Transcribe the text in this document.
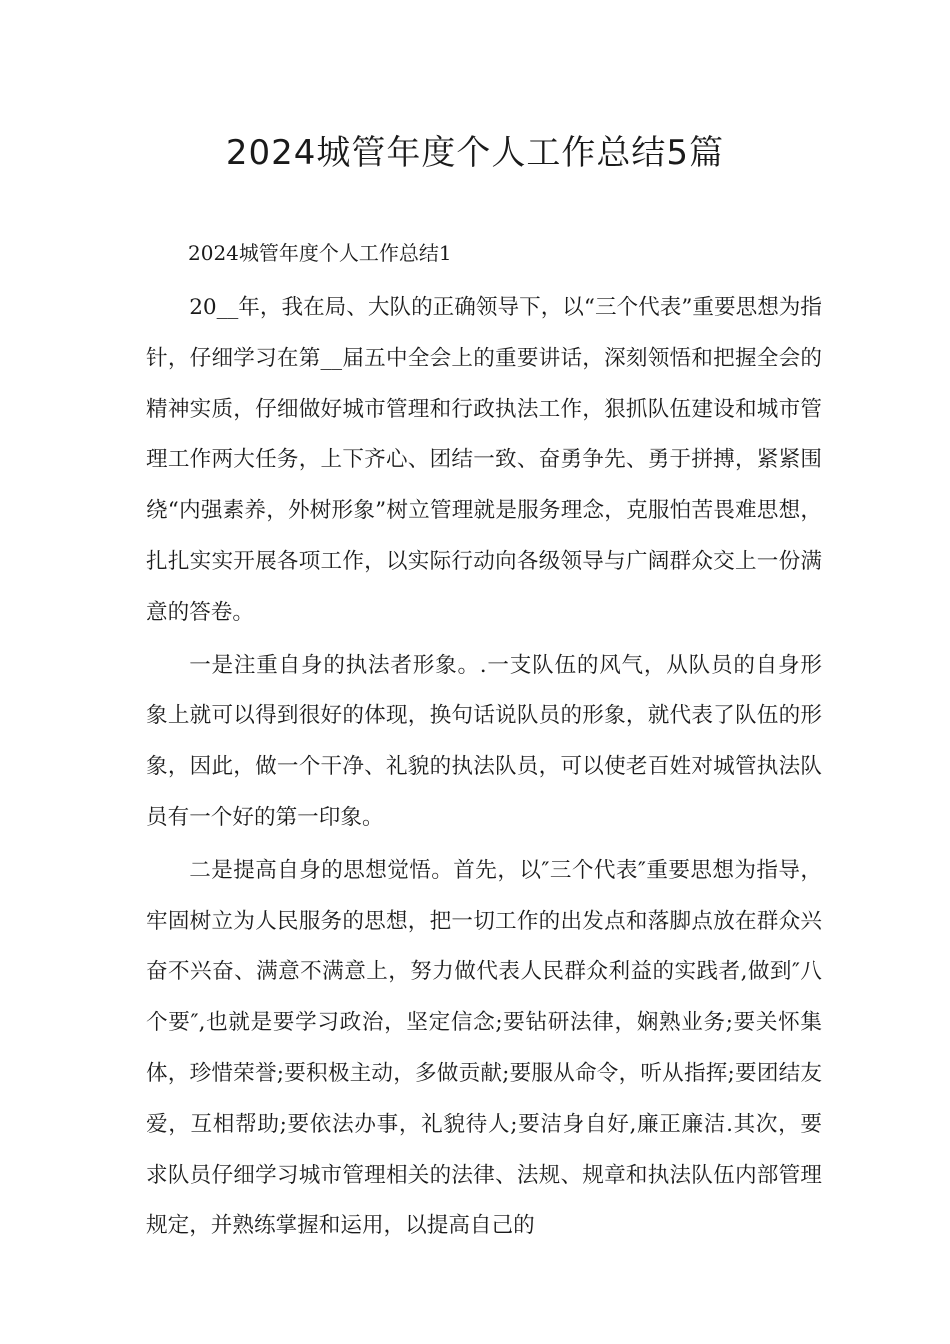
2024城管年度个人工作总结5篇

2024城管年度个人工作总结1

20__年，我在局、大队的正确领导下，以“三个代表”重要思想为指针，仔细学习在第__届五中全会上的重要讲话，深刻领悟和把握全会的精神实质，仔细做好城市管理和行政执法工作，狠抓队伍建设和城市管理工作两大任务，上下齐心、团结一致、奋勇争先、勇于拼搏，紧紧围绕“内强素养，外树形象”树立管理就是服务理念，克服怕苦畏难思想，扎扎实实开展各项工作，以实际行动向各级领导与广阔群众交上一份满意的答卷。

一是注重自身的执法者形象。.一支队伍的风气，从队员的自身形象上就可以得到很好的体现，换句话说队员的形象，就代表了队伍的形象，因此，做一个干净、礼貌的执法队员，可以使老百姓对城管执法队员有一个好的第一印象。

二是提高自身的思想觉悟。首先，以″三个代表″重要思想为指导，牢固树立为人民服务的思想，把一切工作的出发点和落脚点放在群众兴奋不兴奋、满意不满意上，努力做代表人民群众利益的实践者,做到″八个要″,也就是要学习政治，坚定信念;要钻研法律，娴熟业务;要关怀集体，珍惜荣誉;要积极主动，多做贡献;要服从命令，听从指挥;要团结友爱，互相帮助;要依法办事，礼貌待人;要洁身自好,廉正廉洁.其次，要求队员仔细学习城市管理相关的法律、法规、规章和执法队伍内部管理规定，并熟练掌握和运用，以提高自己的
